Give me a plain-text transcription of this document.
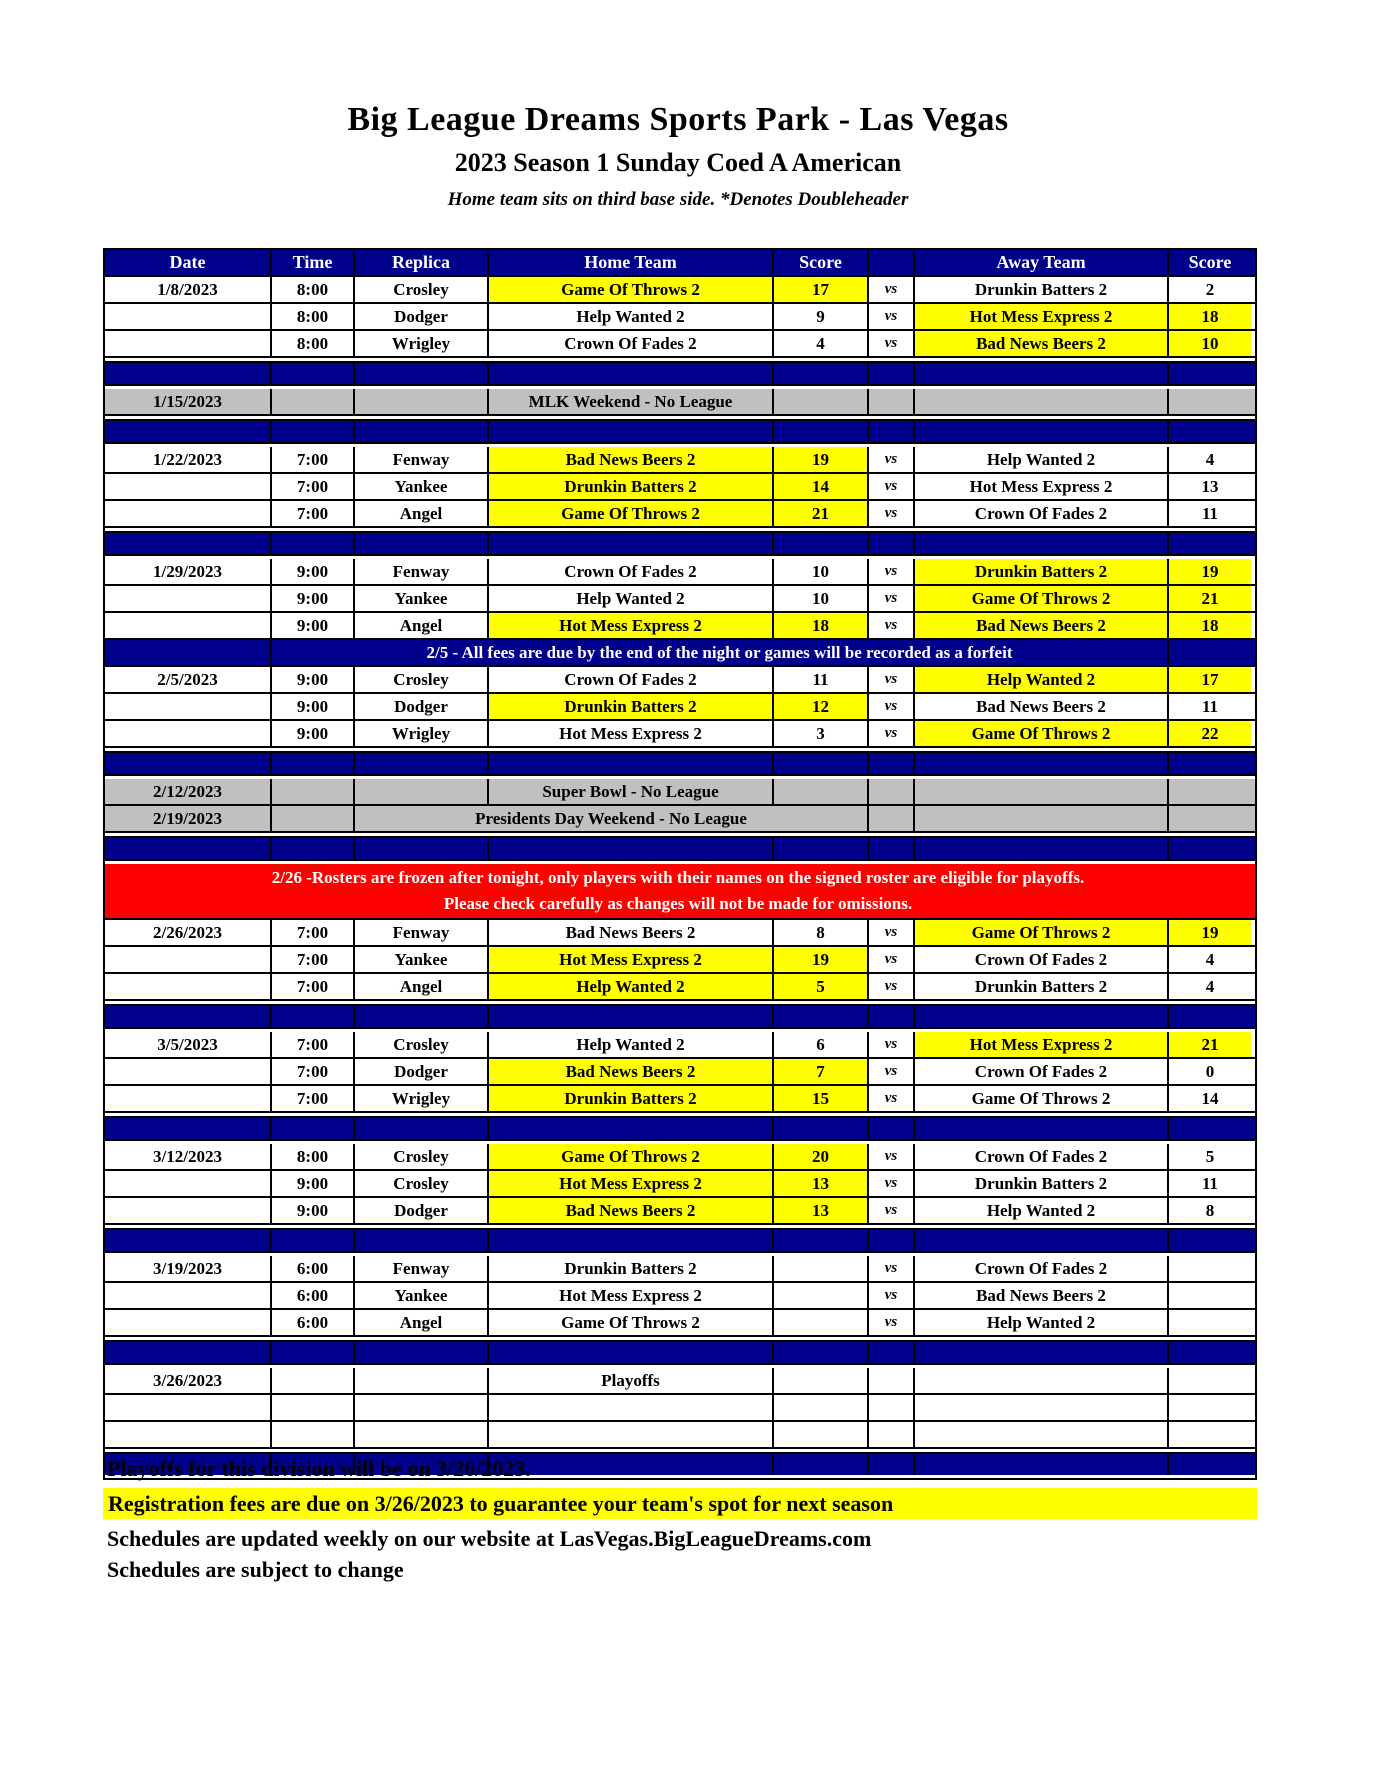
Big League Dreams Sports Park - Las Vegas
2023 Season 1 Sunday Coed A American
Home team sits on third base side. *Denotes Doubleheader
Date	Time	Replica	Home Team	Score	Away Team	Score
1/8/2023	8:00	Crosley	Game Of Throws 2	17	vs	Drunkin Batters 2	2
8:00	Dodger	Help Wanted 2	9	vs	Hot Mess Express 2	18
8:00	Wrigley	Crown Of Fades 2	4	vs	Bad News Beers 2	10
1/15/2023	MLK Weekend - No League
1/22/2023	7:00	Fenway	Bad News Beers 2	19	vs	Help Wanted 2	4
7:00	Yankee	Drunkin Batters 2	14	vs	Hot Mess Express 2	13
7:00	Angel	Game Of Throws 2	21	vs	Crown Of Fades 2	11
1/29/2023	9:00	Fenway	Crown Of Fades 2	10	vs	Drunkin Batters 2	19
9:00	Yankee	Help Wanted 2	10	vs	Game Of Throws 2	21
9:00	Angel	Hot Mess Express 2	18	vs	Bad News Beers 2	18
2/5 - All fees are due by the end of the night or games will be recorded as a forfeit
2/5/2023	9:00	Crosley	Crown Of Fades 2	11	vs	Help Wanted 2	17
9:00	Dodger	Drunkin Batters 2	12	vs	Bad News Beers 2	11
9:00	Wrigley	Hot Mess Express 2	3	vs	Game Of Throws 2	22
2/12/2023	Super Bowl - No League
2/19/2023	Presidents Day Weekend - No League
2/26 -Rosters are frozen after tonight, only players with their names on the signed roster are eligible for playoffs.
Please check carefully as changes will not be made for omissions.
2/26/2023	7:00	Fenway	Bad News Beers 2	8	vs	Game Of Throws 2	19
7:00	Yankee	Hot Mess Express 2	19	vs	Crown Of Fades 2	4
7:00	Angel	Help Wanted 2	5	vs	Drunkin Batters 2	4
3/5/2023	7:00	Crosley	Help Wanted 2	6	vs	Hot Mess Express 2	21
7:00	Dodger	Bad News Beers 2	7	vs	Crown Of Fades 2	0
7:00	Wrigley	Drunkin Batters 2	15	vs	Game Of Throws 2	14
3/12/2023	8:00	Crosley	Game Of Throws 2	20	vs	Crown Of Fades 2	5
9:00	Crosley	Hot Mess Express 2	13	vs	Drunkin Batters 2	11
9:00	Dodger	Bad News Beers 2	13	vs	Help Wanted 2	8
3/19/2023	6:00	Fenway	Drunkin Batters 2	vs	Crown Of Fades 2
6:00	Yankee	Hot Mess Express 2	vs	Bad News Beers 2
6:00	Angel	Game Of Throws 2	vs	Help Wanted 2
3/26/2023	Playoffs
Playoffs for this division will be on 3/26/2023.
Registration fees are due on 3/26/2023 to guarantee your team's spot for next season
Schedules are updated weekly on our website at LasVegas.BigLeagueDreams.com
Schedules are subject to change
